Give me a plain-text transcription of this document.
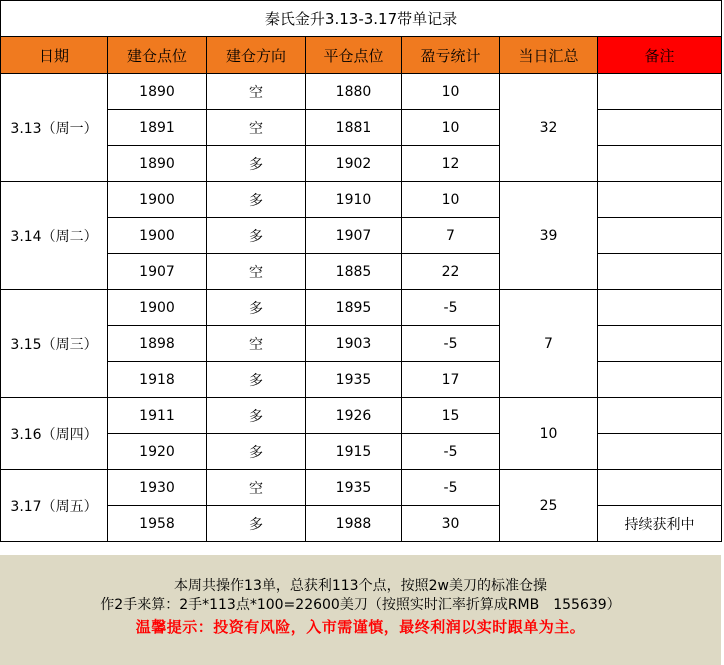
秦氏金升3.13-3.17带单记录						
日期	建仓点位	建仓方向	平仓点位	盈亏统计	当日汇总	备注
3.13（周一）	1890	空	1880	10	32	
	1891	空	1881	10		
	1890	多	1902	12		
3.14（周二）	1900	多	1910	10	39	
	1900	多	1907	7		
	1907	空	1885	22		
3.15（周三）	1900	多	1895	-5	7	
	1898	空	1903	-5		
	1918	多	1935	17		
3.16（周四）	1911	多	1926	15	10	
	1920	多	1915	-5		
3.17（周五）	1930	空	1935	-5	25	
	1958	多	1988	30		持续获利中
本周共操作13单，总获利113个点，按照2w美刀的标准仓操
作2手来算：2手*113点*100=22600美刀（按照实时汇率折算成RMB　155639）
温馨提示：投资有风险，入市需谨慎，最终利润以实时跟单为主。
